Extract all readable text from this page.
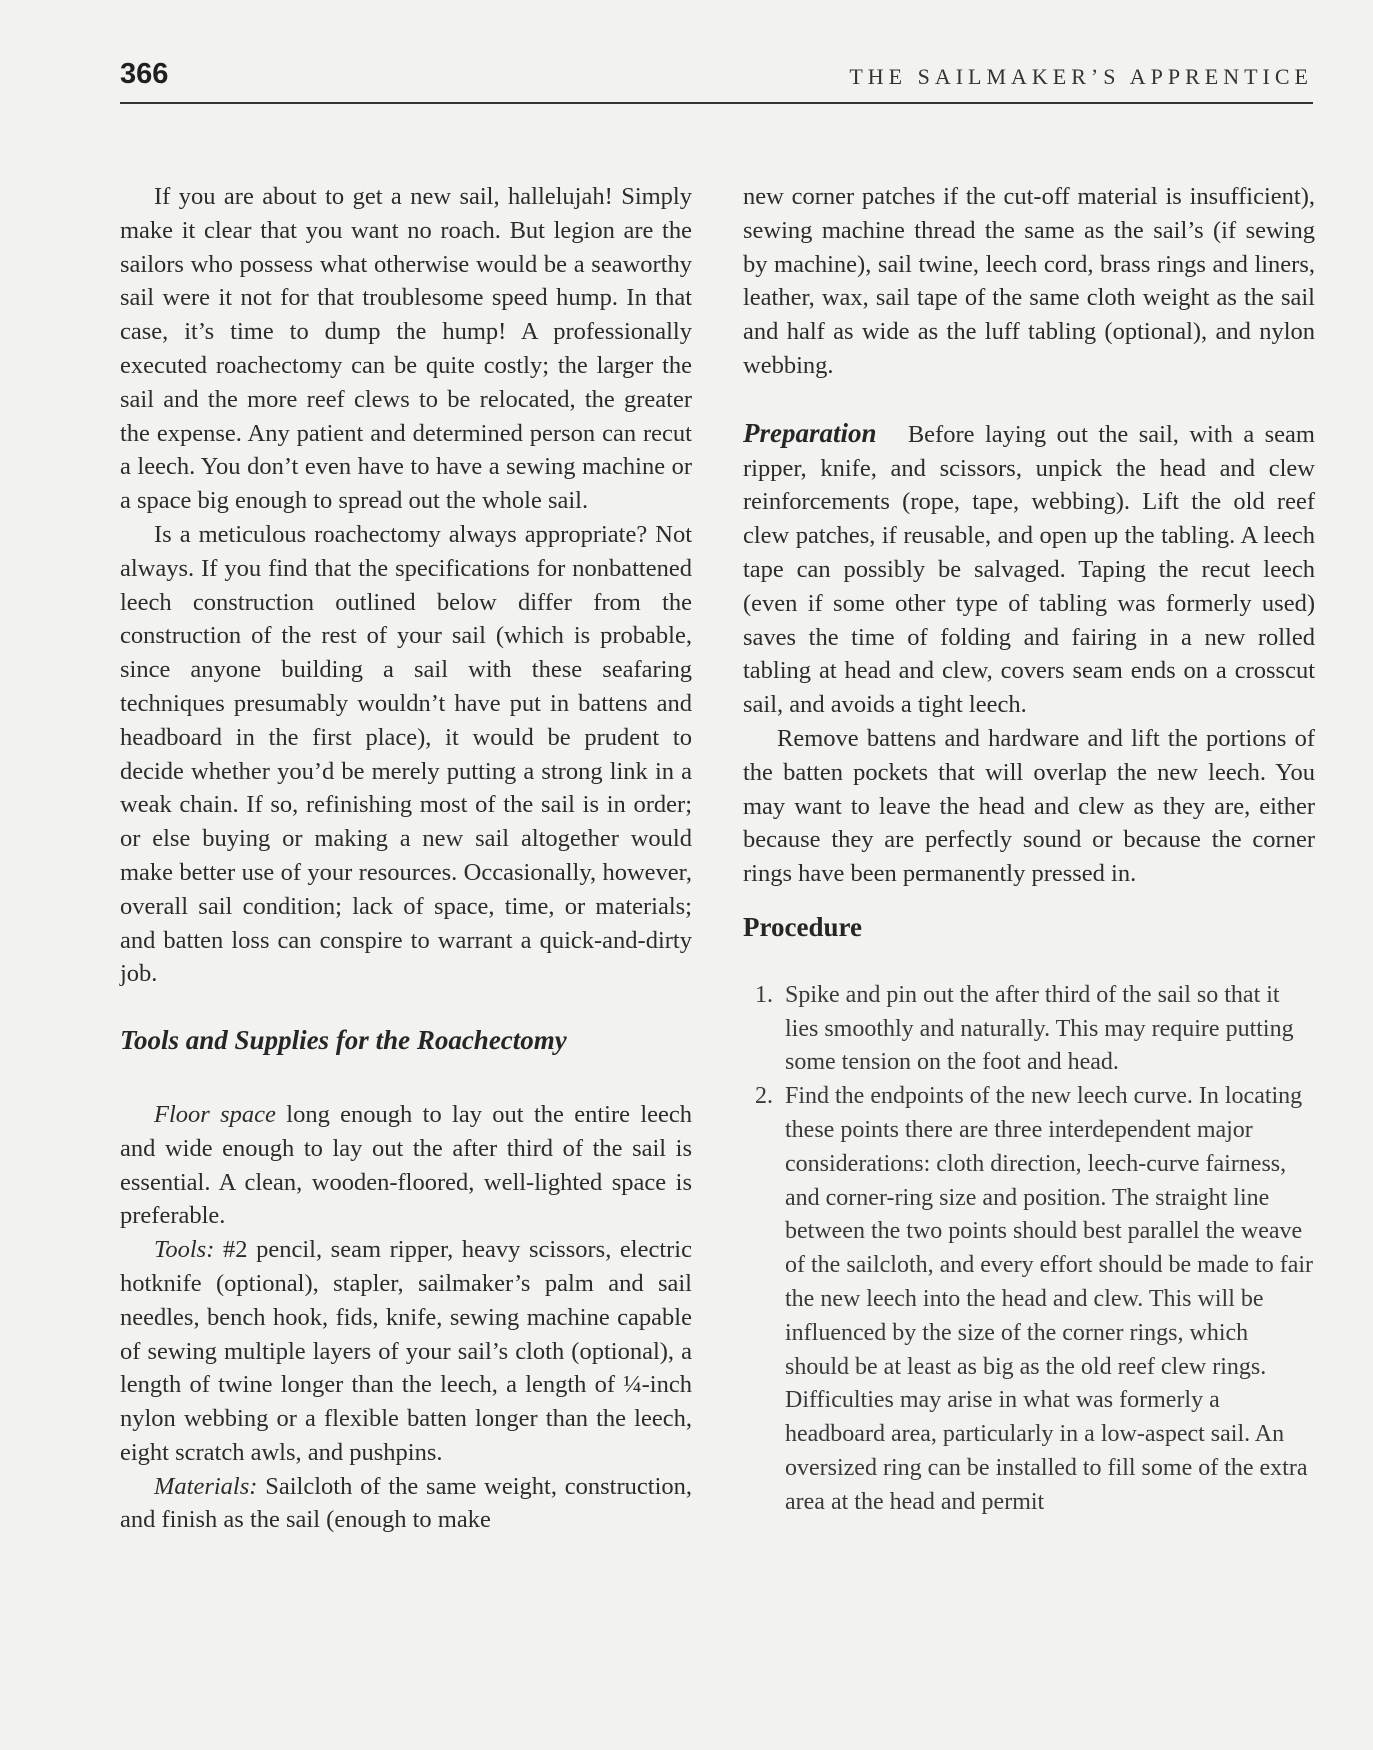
366	THE SAILMAKER’S APPRENTICE

If you are about to get a new sail, hallelujah! Simply make it clear that you want no roach. But legion are the sailors who possess what otherwise would be a seaworthy sail were it not for that troublesome speed hump. In that case, it’s time to dump the hump! A professionally executed roachectomy can be quite costly; the larger the sail and the more reef clews to be relocated, the greater the expense. Any patient and determined person can recut a leech. You don’t even have to have a sewing machine or a space big enough to spread out the whole sail.

Is a meticulous roachectomy always appropriate? Not always. If you find that the specifications for nonbattened leech construction outlined below differ from the construction of the rest of your sail (which is probable, since anyone building a sail with these seafaring techniques presumably wouldn’t have put in battens and headboard in the first place), it would be prudent to decide whether you’d be merely putting a strong link in a weak chain. If so, refinishing most of the sail is in order; or else buying or making a new sail altogether would make better use of your resources. Occasionally, however, overall sail condition; lack of space, time, or materials; and batten loss can conspire to warrant a quick-and-dirty job.

Tools and Supplies for the Roachectomy

Floor space long enough to lay out the entire leech and wide enough to lay out the after third of the sail is essential. A clean, wooden-floored, well-lighted space is preferable.

Tools: #2 pencil, seam ripper, heavy scissors, electric hotknife (optional), stapler, sailmaker’s palm and sail needles, bench hook, fids, knife, sewing machine capable of sewing multiple layers of your sail’s cloth (optional), a length of twine longer than the leech, a length of ¼-inch nylon webbing or a flexible batten longer than the leech, eight scratch awls, and pushpins.

Materials: Sailcloth of the same weight, construction, and finish as the sail (enough to make

new corner patches if the cut-off material is insufficient), sewing machine thread the same as the sail’s (if sewing by machine), sail twine, leech cord, brass rings and liners, leather, wax, sail tape of the same cloth weight as the sail and half as wide as the luff tabling (optional), and nylon webbing.

Preparation Before laying out the sail, with a seam ripper, knife, and scissors, unpick the head and clew reinforcements (rope, tape, webbing). Lift the old reef clew patches, if reusable, and open up the tabling. A leech tape can possibly be salvaged. Taping the recut leech (even if some other type of tabling was formerly used) saves the time of folding and fairing in a new rolled tabling at head and clew, covers seam ends on a crosscut sail, and avoids a tight leech.

Remove battens and hardware and lift the portions of the batten pockets that will overlap the new leech. You may want to leave the head and clew as they are, either because they are perfectly sound or because the corner rings have been permanently pressed in.

Procedure
1. Spike and pin out the after third of the sail so that it lies smoothly and naturally. This may require putting some tension on the foot and head.
2. Find the endpoints of the new leech curve. In locating these points there are three interdependent major considerations: cloth direction, leech-curve fairness, and corner-ring size and position. The straight line between the two points should best parallel the weave of the sailcloth, and every effort should be made to fair the new leech into the head and clew. This will be influenced by the size of the corner rings, which should be at least as big as the old reef clew rings. Difficulties may arise in what was formerly a headboard area, particularly in a low-aspect sail. An oversized ring can be installed to fill some of the extra area at the head and permit
